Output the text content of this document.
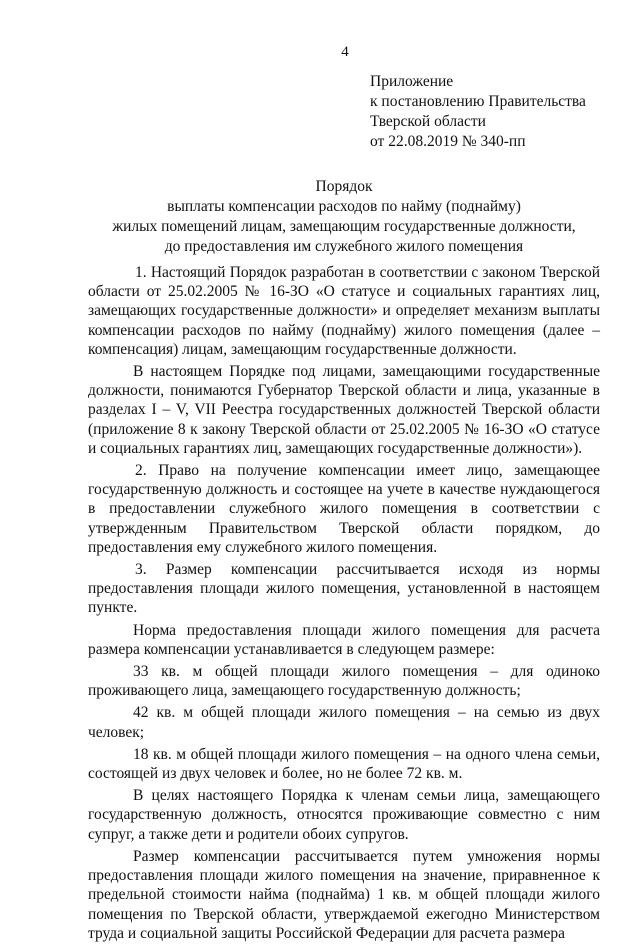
4
Приложение
к постановлению Правительства
Тверской области
от 22.08.2019 № 340-пп
Порядок
выплаты компенсации расходов по найму (поднайму)
жилых помещений лицам, замещающим государственные должности,
до предоставления им служебного жилого помещения

1. Настоящий Порядок разработан в соответствии с законом Тверской области от 25.02.2005 № 16-ЗО «О статусе и социальных гарантиях лиц, замещающих государственные должности» и определяет механизм выплаты компенсации расходов по найму (поднайму) жилого помещения (далее – компенсация) лицам, замещающим государственные должности.

В настоящем Порядке под лицами, замещающими государственные должности, понимаются Губернатор Тверской области и лица, указанные в разделах I – V, VII Реестра государственных должностей Тверской области (приложение 8 к закону Тверской области от 25.02.2005 № 16-ЗО «О статусе и социальных гарантиях лиц, замещающих государственные должности»).

2. Право на получение компенсации имеет лицо, замещающее государственную должность и состоящее на учете в качестве нуждающегося в предоставлении служебного жилого помещения в соответствии с утвержденным Правительством Тверской области порядком, до предоставления ему служебного жилого помещения.

3. Размер компенсации рассчитывается исходя из нормы предоставления площади жилого помещения, установленной в настоящем пункте.

Норма предоставления площади жилого помещения для расчета размера компенсации устанавливается в следующем размере:

33 кв. м общей площади жилого помещения – для одиноко проживающего лица, замещающего государственную должность;

42 кв. м общей площади жилого помещения – на семью из двух человек;

18 кв. м общей площади жилого помещения – на одного члена семьи, состоящей из двух человек и более, но не более 72 кв. м.

В целях настоящего Порядка к членам семьи лица, замещающего государственную должность, относятся проживающие совместно с ним супруг, а также дети и родители обоих супругов.

Размер компенсации рассчитывается путем умножения нормы предоставления площади жилого помещения на значение, приравненное к предельной стоимости найма (поднайма) 1 кв. м общей площади жилого помещения по Тверской области, утверждаемой ежегодно Министерством труда и социальной защиты Российской Федерации для расчета размера
